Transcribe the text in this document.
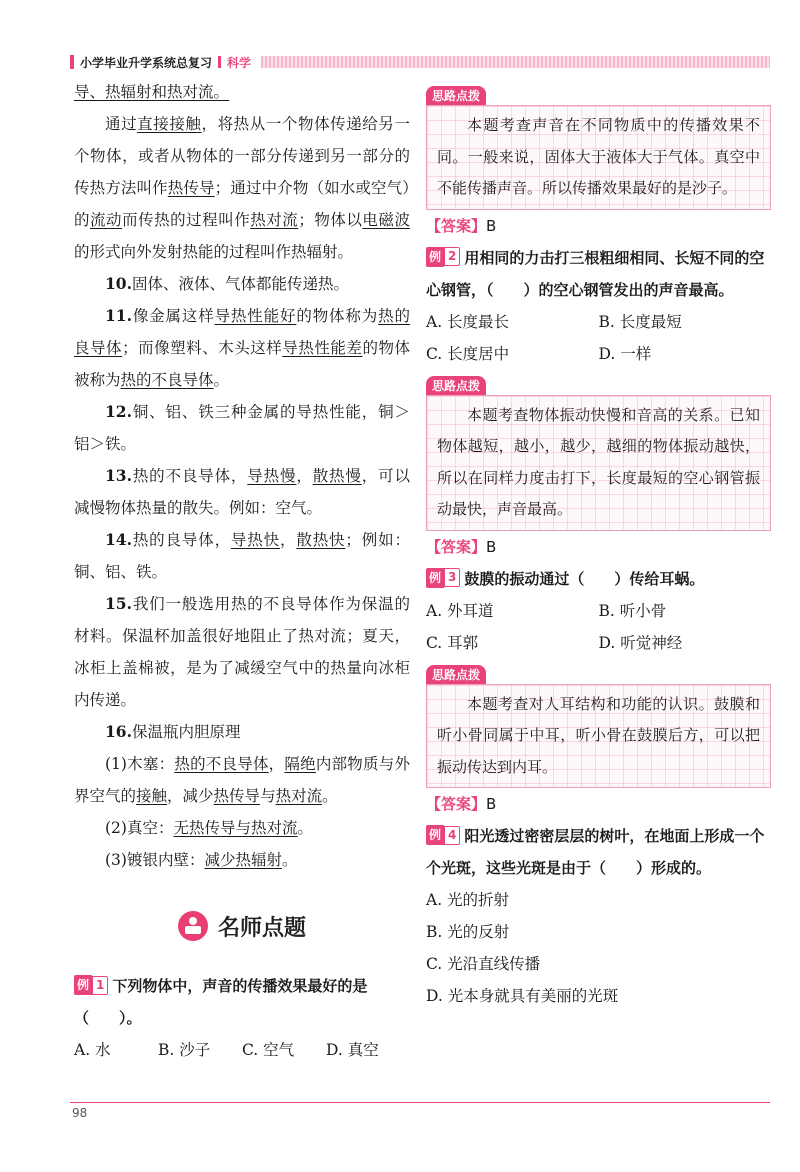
小学毕业升学系统总复习 科学

导、热辐射和热对流。

通过直接接触，将热从一个物体传递给另一个物体，或者从物体的一部分传递到另一部分的传热方法叫作热传导；通过中介物（如水或空气）的流动而传热的过程叫作热对流；物体以电磁波的形式向外发射热能的过程叫作热辐射。

10.固体、液体、气体都能传递热。

11.像金属这样导热性能好的物体称为热的良导体；而像塑料、木头这样导热性能差的物体被称为热的不良导体。

12.铜、铝、铁三种金属的导热性能，铜＞铝＞铁。

13.热的不良导体，导热慢，散热慢，可以减慢物体热量的散失。例如：空气。

14.热的良导体，导热快，散热快；例如：铜、铝、铁。

15.我们一般选用热的不良导体作为保温的材料。保温杯加盖很好地阻止了热对流；夏天，冰柜上盖棉被，是为了减缓空气中的热量向冰柜内传递。

16.保温瓶内胆原理

(1)木塞：热的不良导体，隔绝内部物质与外界空气的接触，减少热传导与热对流。

(2)真空：无热传导与热对流。

(3)镀银内壁：减少热辐射。

名师点题

例 1 下列物体中，声音的传播效果最好的是（　　）。

A. 水	B. 沙子	C. 空气	D. 真空
思路点拨

本题考查声音在不同物质中的传播效果不同。一般来说，固体大于液体大于气体。真空中不能传播声音。所以传播效果最好的是沙子。

【答案】B

例 2 用相同的力击打三根粗细相同、长短不同的空心钢管，（　　）的空心钢管发出的声音最高。

A. 长度最长	B. 长度最短
C. 长度居中	D. 一样
思路点拨

本题考查物体振动快慢和音高的关系。已知物体越短，越小，越少，越细的物体振动越快，所以在同样力度击打下，长度最短的空心钢管振动最快，声音最高。

【答案】B

例 3 鼓膜的振动通过（　　）传给耳蜗。

A. 外耳道	B. 听小骨
C. 耳郭	D. 听觉神经
思路点拨

本题考查对人耳结构和功能的认识。鼓膜和听小骨同属于中耳，听小骨在鼓膜后方，可以把振动传达到内耳。

【答案】B

例 4 阳光透过密密层层的树叶，在地面上形成一个个光斑，这些光斑是由于（　　）形成的。

A. 光的折射

B. 光的反射

C. 光沿直线传播

D. 光本身就具有美丽的光斑

98
